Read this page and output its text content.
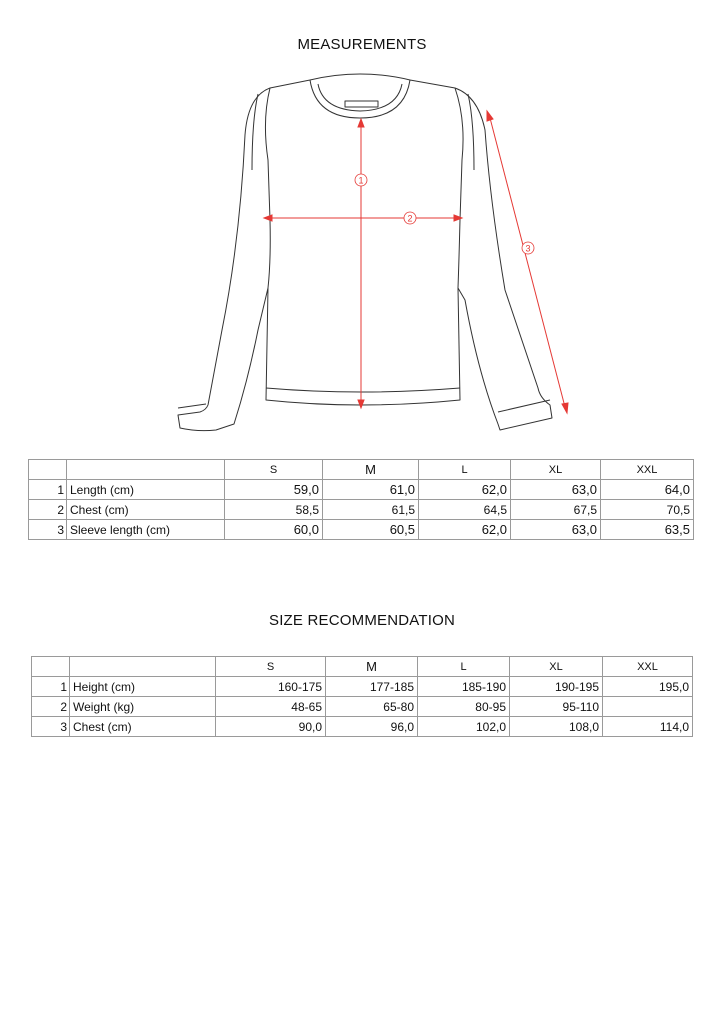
MEASUREMENTS
1
2
3
		S	M	L	XL	XXL
1	Length (cm)	59,0	61,0	62,0	63,0	64,0
2	Chest (cm)	58,5	61,5	64,5	67,5	70,5
3	Sleeve length (cm)	60,0	60,5	62,0	63,0	63,5
SIZE RECOMMENDATION
		S	M	L	XL	XXL
1	Height (cm)	160-175	177-185	185-190	190-195	195,0
2	Weight (kg)	48-65	65-80	80-95	95-110	
3	Chest (cm)	90,0	96,0	102,0	108,0	114,0
